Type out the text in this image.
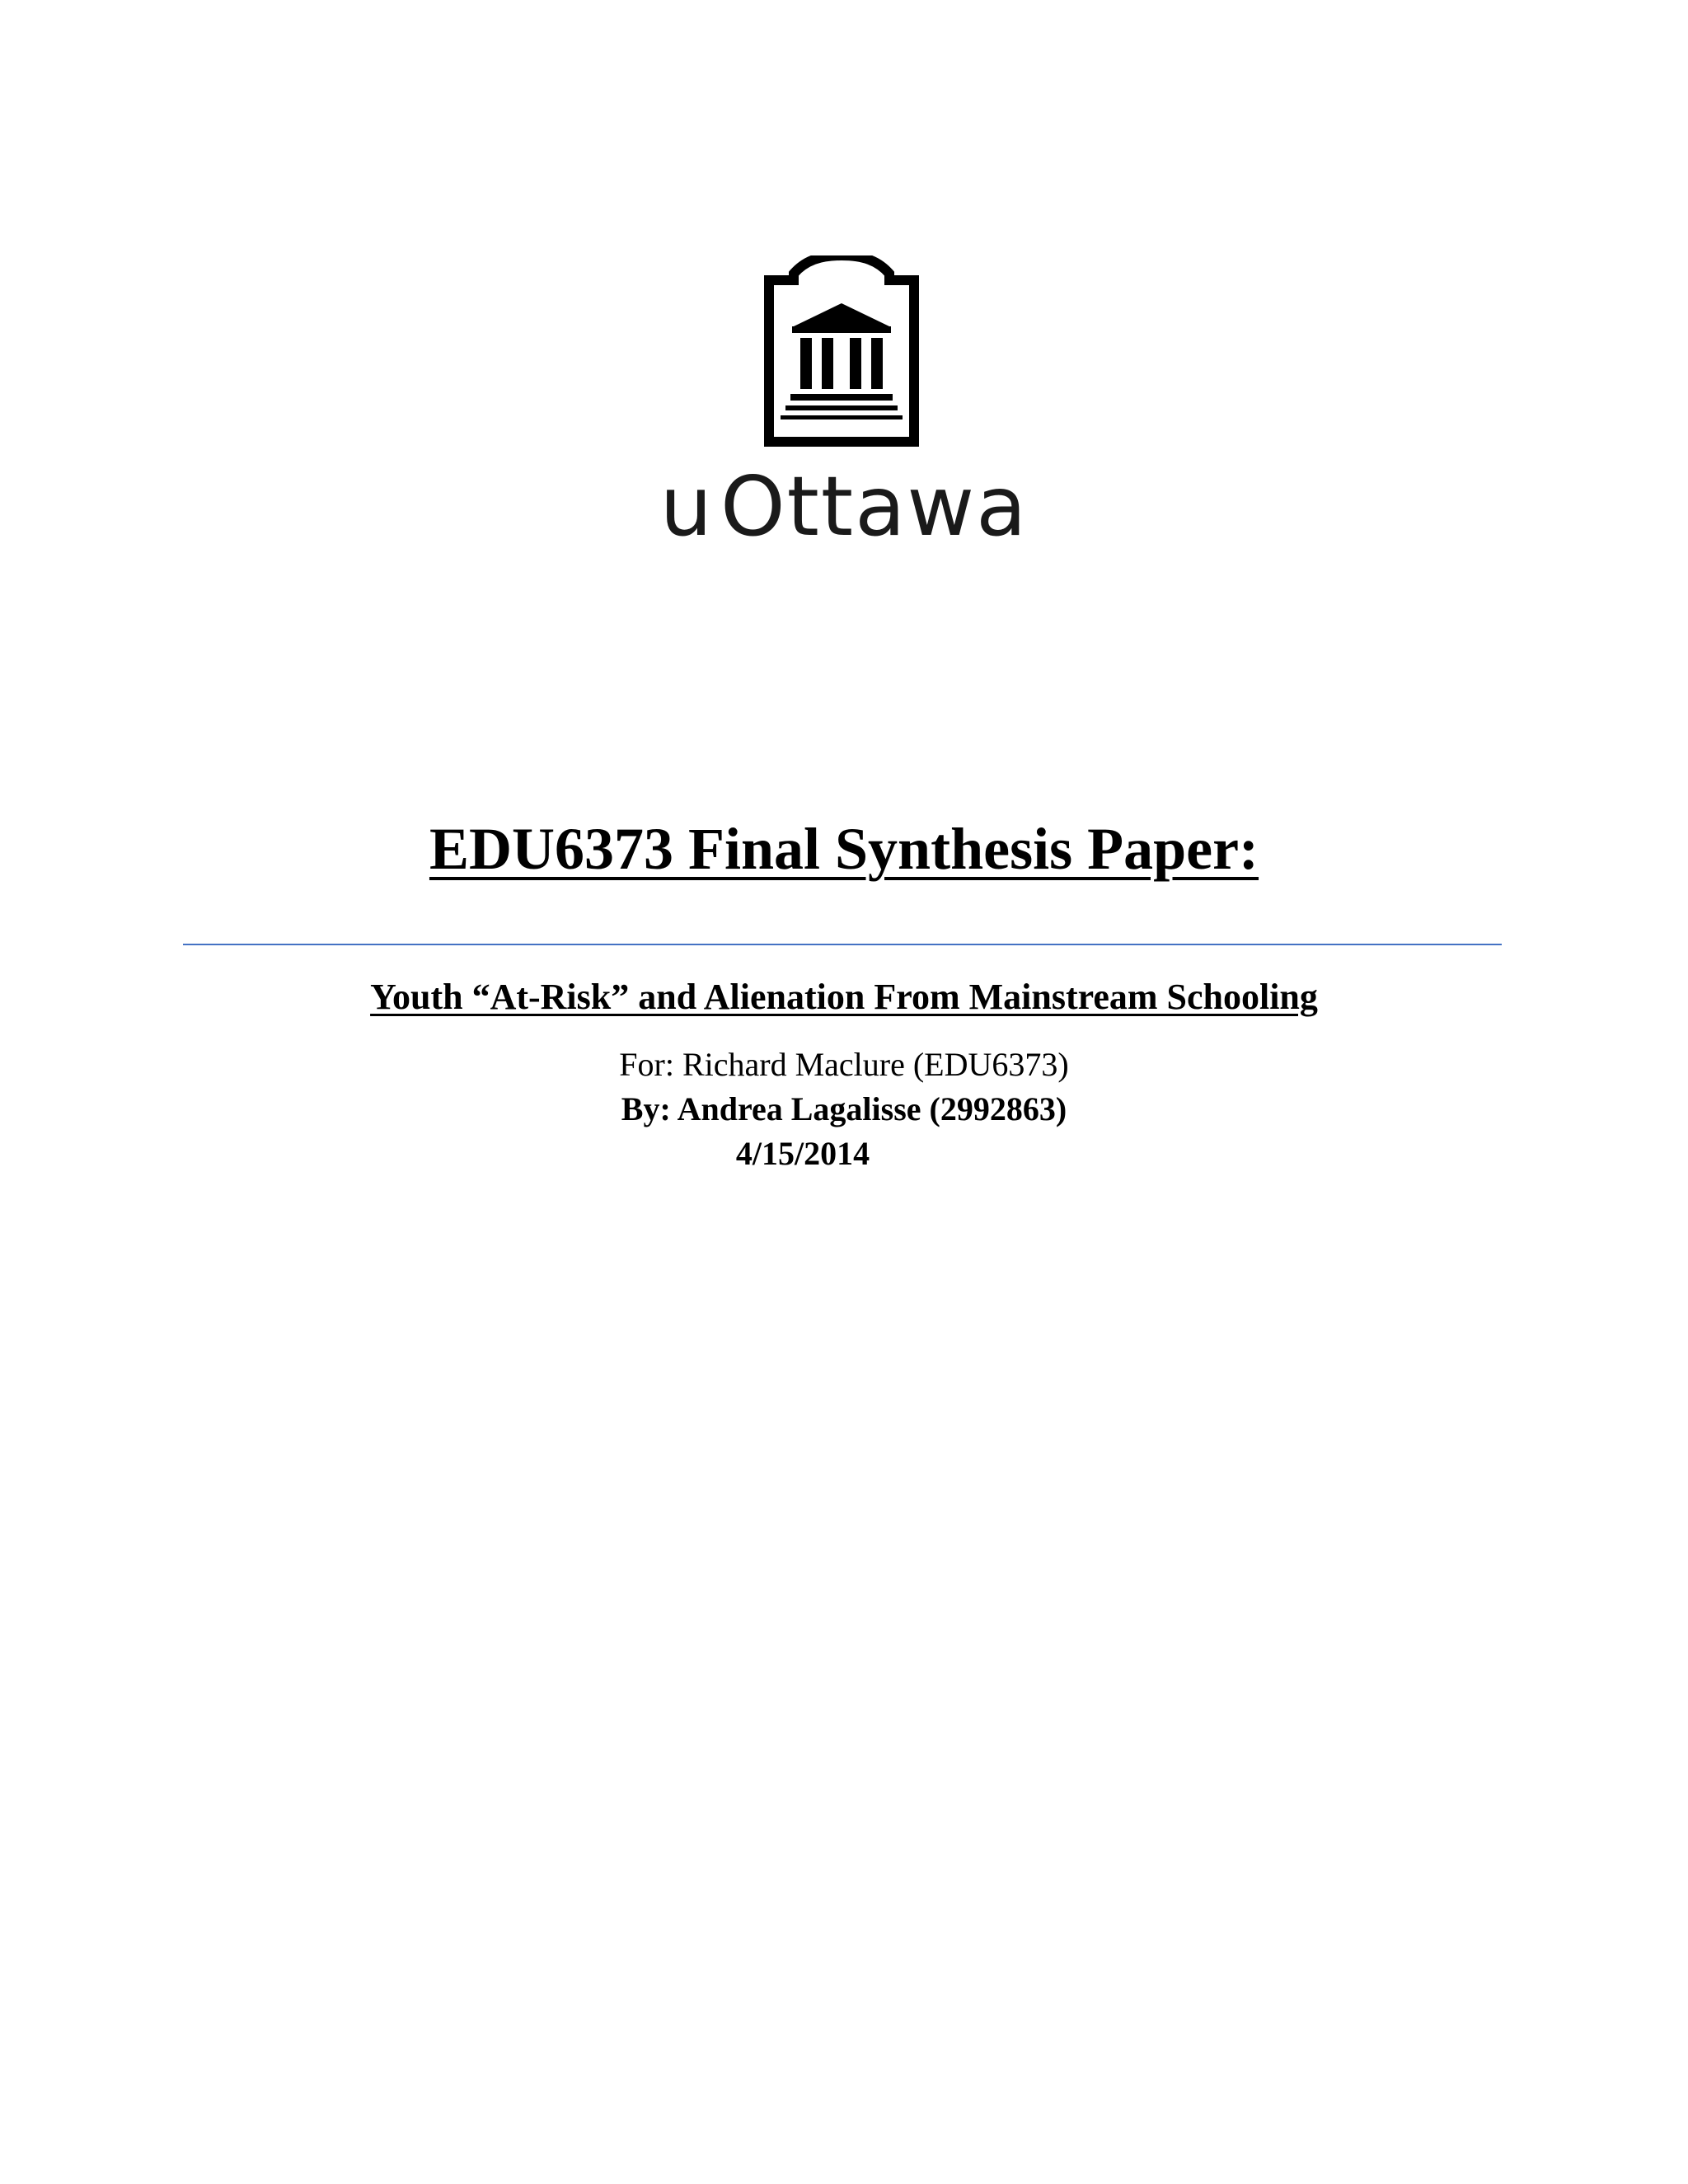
uOttawa
EDU6373 Final Synthesis Paper:
Youth “At-Risk” and Alienation From Mainstream Schooling
For: Richard Maclure (EDU6373)
By: Andrea Lagalisse (2992863)
4/15/2014
